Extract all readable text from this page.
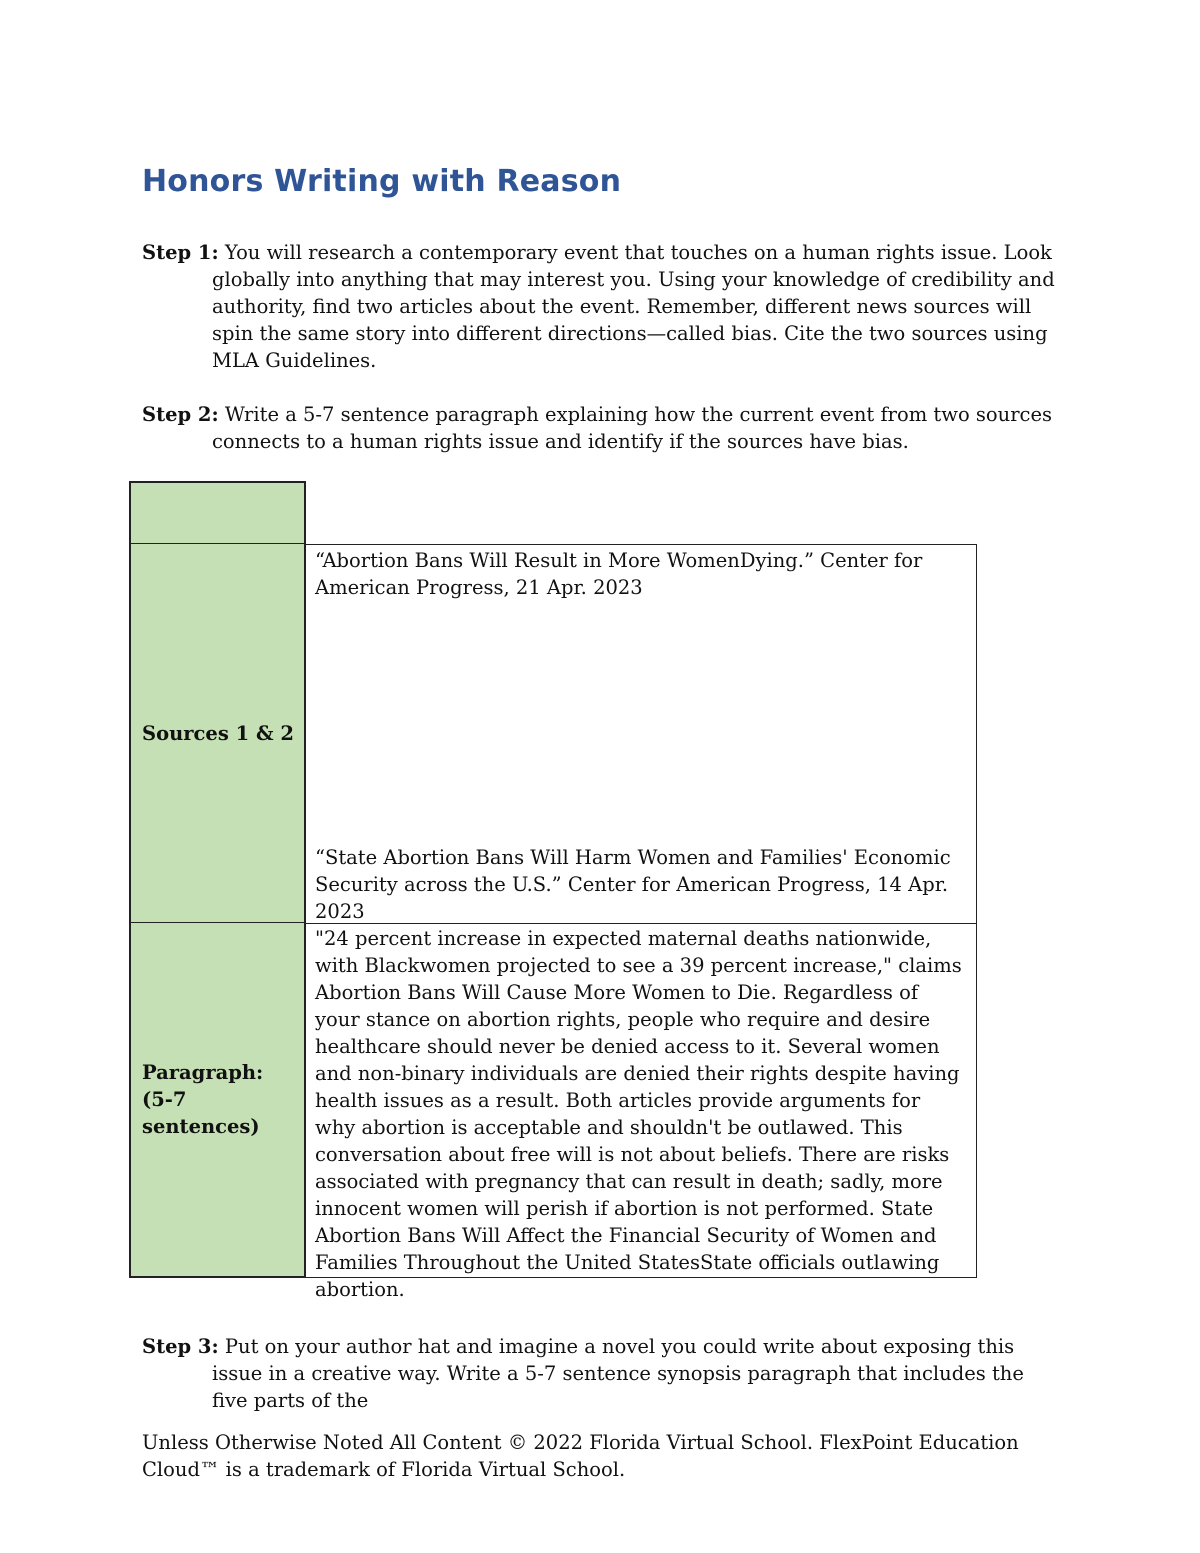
Honors Writing with Reason
Step 1: You will research a contemporary event that touches on a human rights issue. Look globally into anything that may interest you. Using your knowledge of credibility and authority, find two articles about the event. Remember, different news sources will spin the same story into different directions—called bias. Cite the two sources using MLA Guidelines.
Step 2: Write a 5-7 sentence paragraph explaining how the current event from two sources connects to a human rights issue and identify if the sources have bias.
Sources 1 & 2
“Abortion Bans Will Result in More WomenDying.” Center for American Progress, 21 Apr. 2023
“State Abortion Bans Will Harm Women and Families' Economic Security across the U.S.” Center for American Progress, 14 Apr. 2023
Paragraph:
(5-7 sentences)
"24 percent increase in expected maternal deaths nationwide, with Blackwomen projected to see a 39 percent increase," claims Abortion Bans Will Cause More Women to Die. Regardless of your stance on abortion rights, people who require and desire healthcare should never be denied access to it. Several women and non-binary individuals are denied their rights despite having health issues as a result. Both articles provide arguments for why abortion is acceptable and shouldn't be outlawed. This conversation about free will is not about beliefs. There are risks associated with pregnancy that can result in death; sadly, more innocent women will perish if abortion is not performed. State Abortion Bans Will Affect the Financial Security of Women and Families Throughout the United StatesState officials outlawing abortion.
Step 3: Put on your author hat and imagine a novel you could write about exposing this issue in a creative way. Write a 5-7 sentence synopsis paragraph that includes the five parts of the
Unless Otherwise Noted All Content © 2022 Florida Virtual School. FlexPoint Education Cloud™ is a trademark of Florida Virtual School.
